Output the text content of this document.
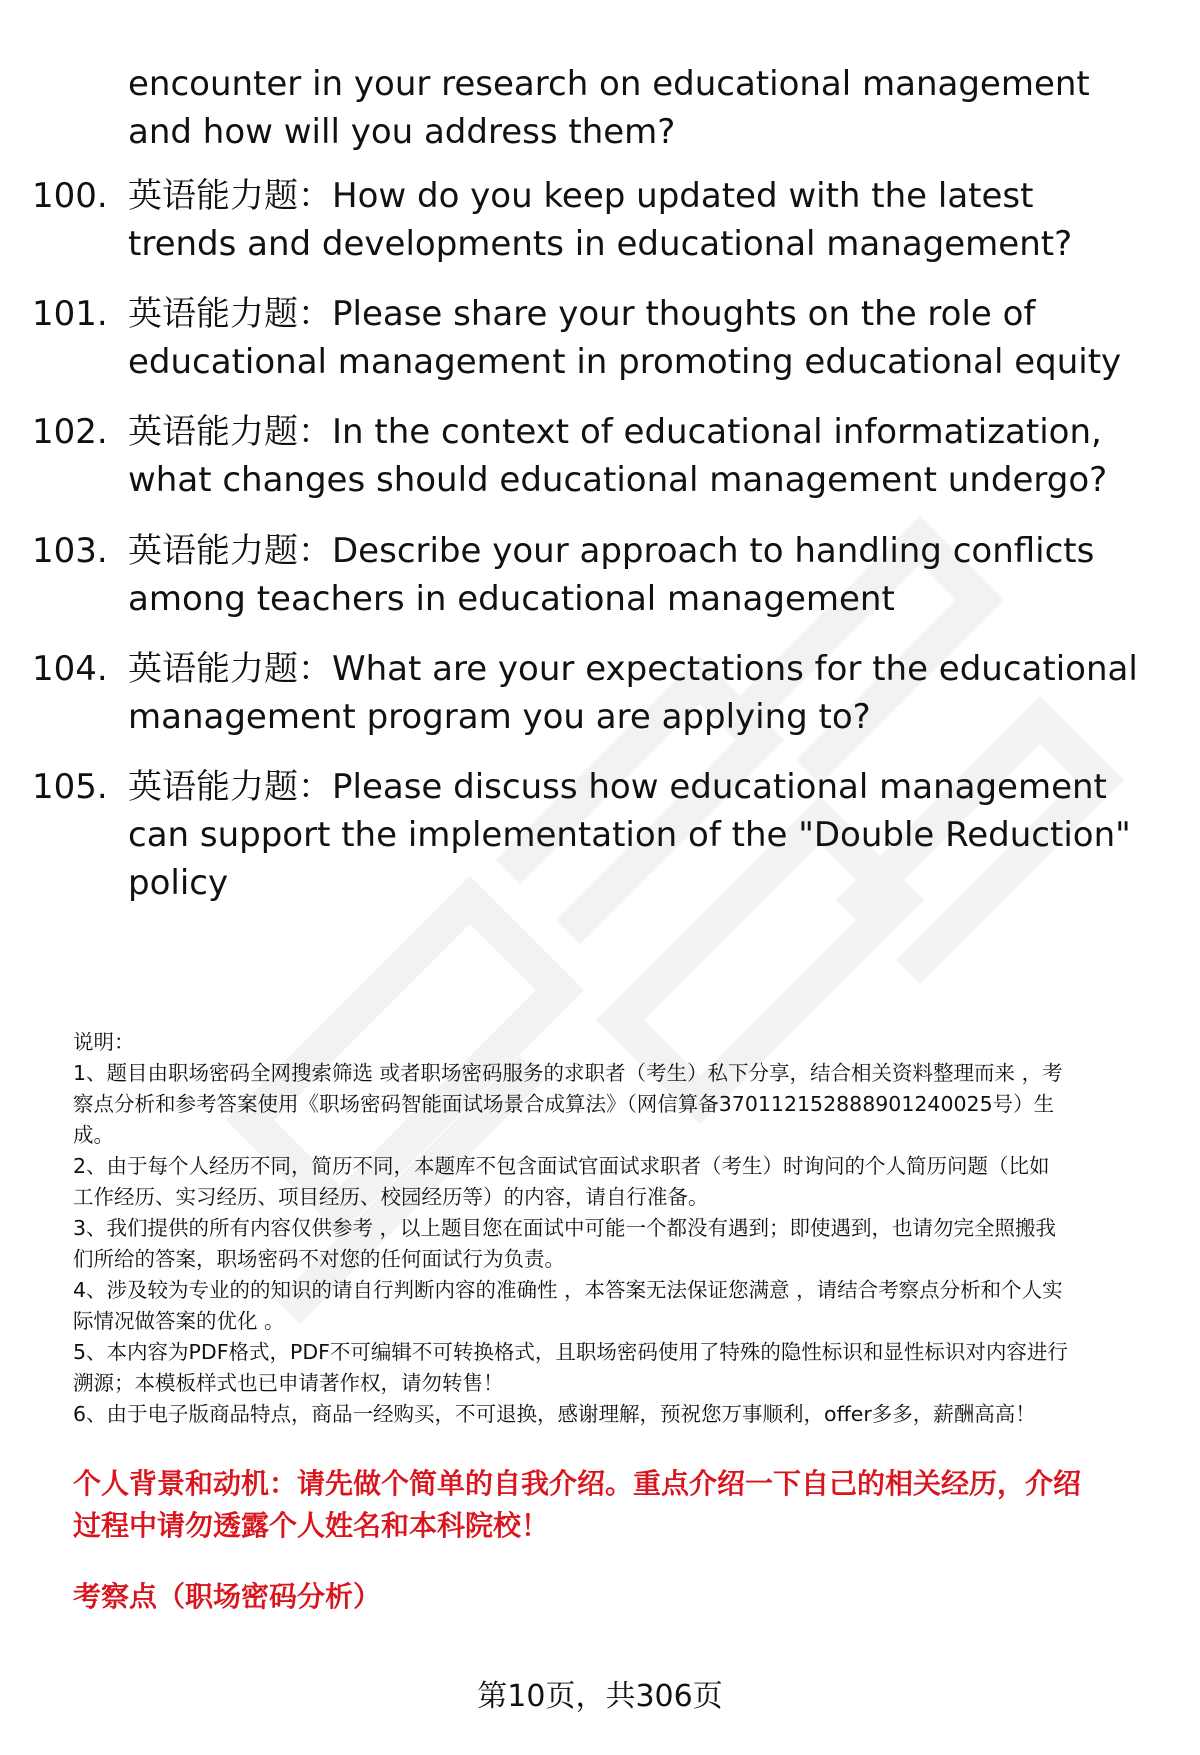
encounter in your research on educational management
and how will you address them?
100. 英语能力题：How do you keep updated with the latest
trends and developments in educational management?
101. 英语能力题：Please share your thoughts on the role of
educational management in promoting educational equity
102. 英语能力题：In the context of educational informatization,
what changes should educational management undergo?
103. 英语能力题：Describe your approach to handling conflicts
among teachers in educational management
104. 英语能力题：What are your expectations for the educational
management program you are applying to?
105. 英语能力题：Please discuss how educational management
can support the implementation of the "Double Reduction"
policy

说明：

1、题目由职场密码全网搜索筛选 或者职场密码服务的求职者（考生）私下分享，结合相关资料整理而来 ，考

察点分析和参考答案使用《职场密码智能面试场景合成算法》（网信算备370112152888901240025号）生

成。

2、由于每个人经历不同，简历不同，本题库不包含面试官面试求职者（考生）时询问的个人简历问题（比如

工作经历、实习经历、项目经历、校园经历等）的内容，请自行准备。

3、我们提供的所有内容仅供参考 ，以上题目您在面试中可能一个都没有遇到；即使遇到，也请勿完全照搬我

们所给的答案，职场密码不对您的任何面试行为负责。

4、涉及较为专业的的知识的请自行判断内容的准确性 ，本答案无法保证您满意 ，请结合考察点分析和个人实

际情况做答案的优化 。

5、本内容为PDF格式，PDF不可编辑不可转换格式，且职场密码使用了特殊的隐性标识和显性标识对内容进行

溯源；本模板样式也已申请著作权，请勿转售！

6、由于电子版商品特点，商品一经购买，不可退换，感谢理解，预祝您万事顺利，offer多多，薪酬高高！

个人背景和动机：请先做个简单的自我介绍。重点介绍一下自己的相关经历，介绍
过程中请勿透露个人姓名和本科院校！
考察点（职场密码分析）
第10页，共306页
